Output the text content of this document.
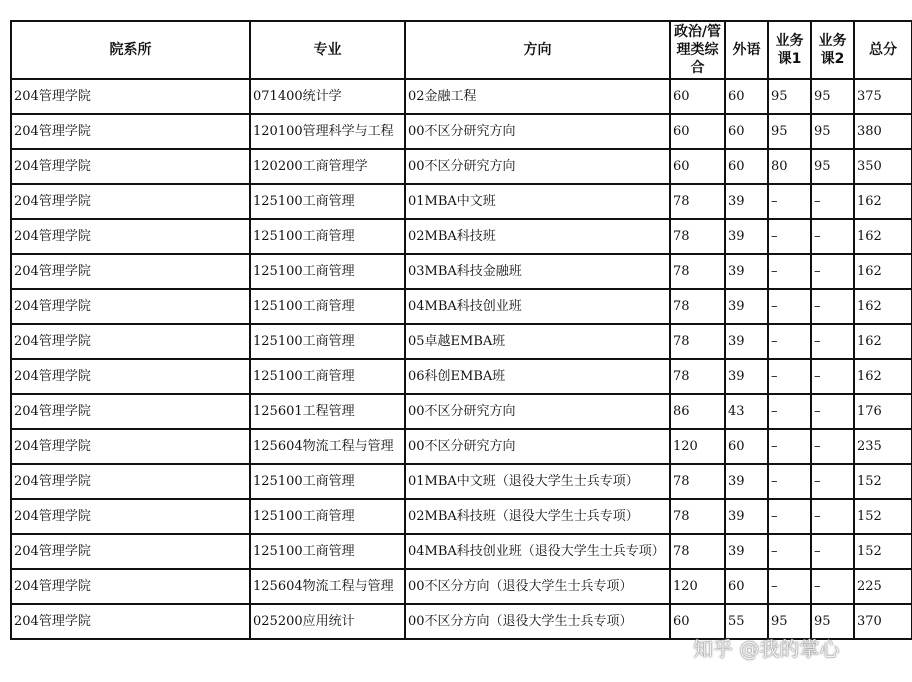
院系所	专业	方向	政治/管理类综合	外语	业务课1	业务课2	总分
204管理学院	071400统计学	02金融工程	60	60	95	95	375
204管理学院	120100管理科学与工程	00不区分研究方向	60	60	95	95	380
204管理学院	120200工商管理学	00不区分研究方向	60	60	80	95	350
204管理学院	125100工商管理	01MBA中文班	78	39	–	–	162
204管理学院	125100工商管理	02MBA科技班	78	39	–	–	162
204管理学院	125100工商管理	03MBA科技金融班	78	39	–	–	162
204管理学院	125100工商管理	04MBA科技创业班	78	39	–	–	162
204管理学院	125100工商管理	05卓越EMBA班	78	39	–	–	162
204管理学院	125100工商管理	06科创EMBA班	78	39	–	–	162
204管理学院	125601工程管理	00不区分研究方向	86	43	–	–	176
204管理学院	125604物流工程与管理	00不区分研究方向	120	60	–	–	235
204管理学院	125100工商管理	01MBA中文班（退役大学生士兵专项）	78	39	–	–	152
204管理学院	125100工商管理	02MBA科技班（退役大学生士兵专项）	78	39	–	–	152
204管理学院	125100工商管理	04MBA科技创业班（退役大学生士兵专项）	78	39	–	–	152
204管理学院	125604物流工程与管理	00不区分方向（退役大学生士兵专项）	120	60	–	–	225
204管理学院	025200应用统计	00不区分方向（退役大学生士兵专项）	60	55	95	95	370
知乎 @我的掌心
